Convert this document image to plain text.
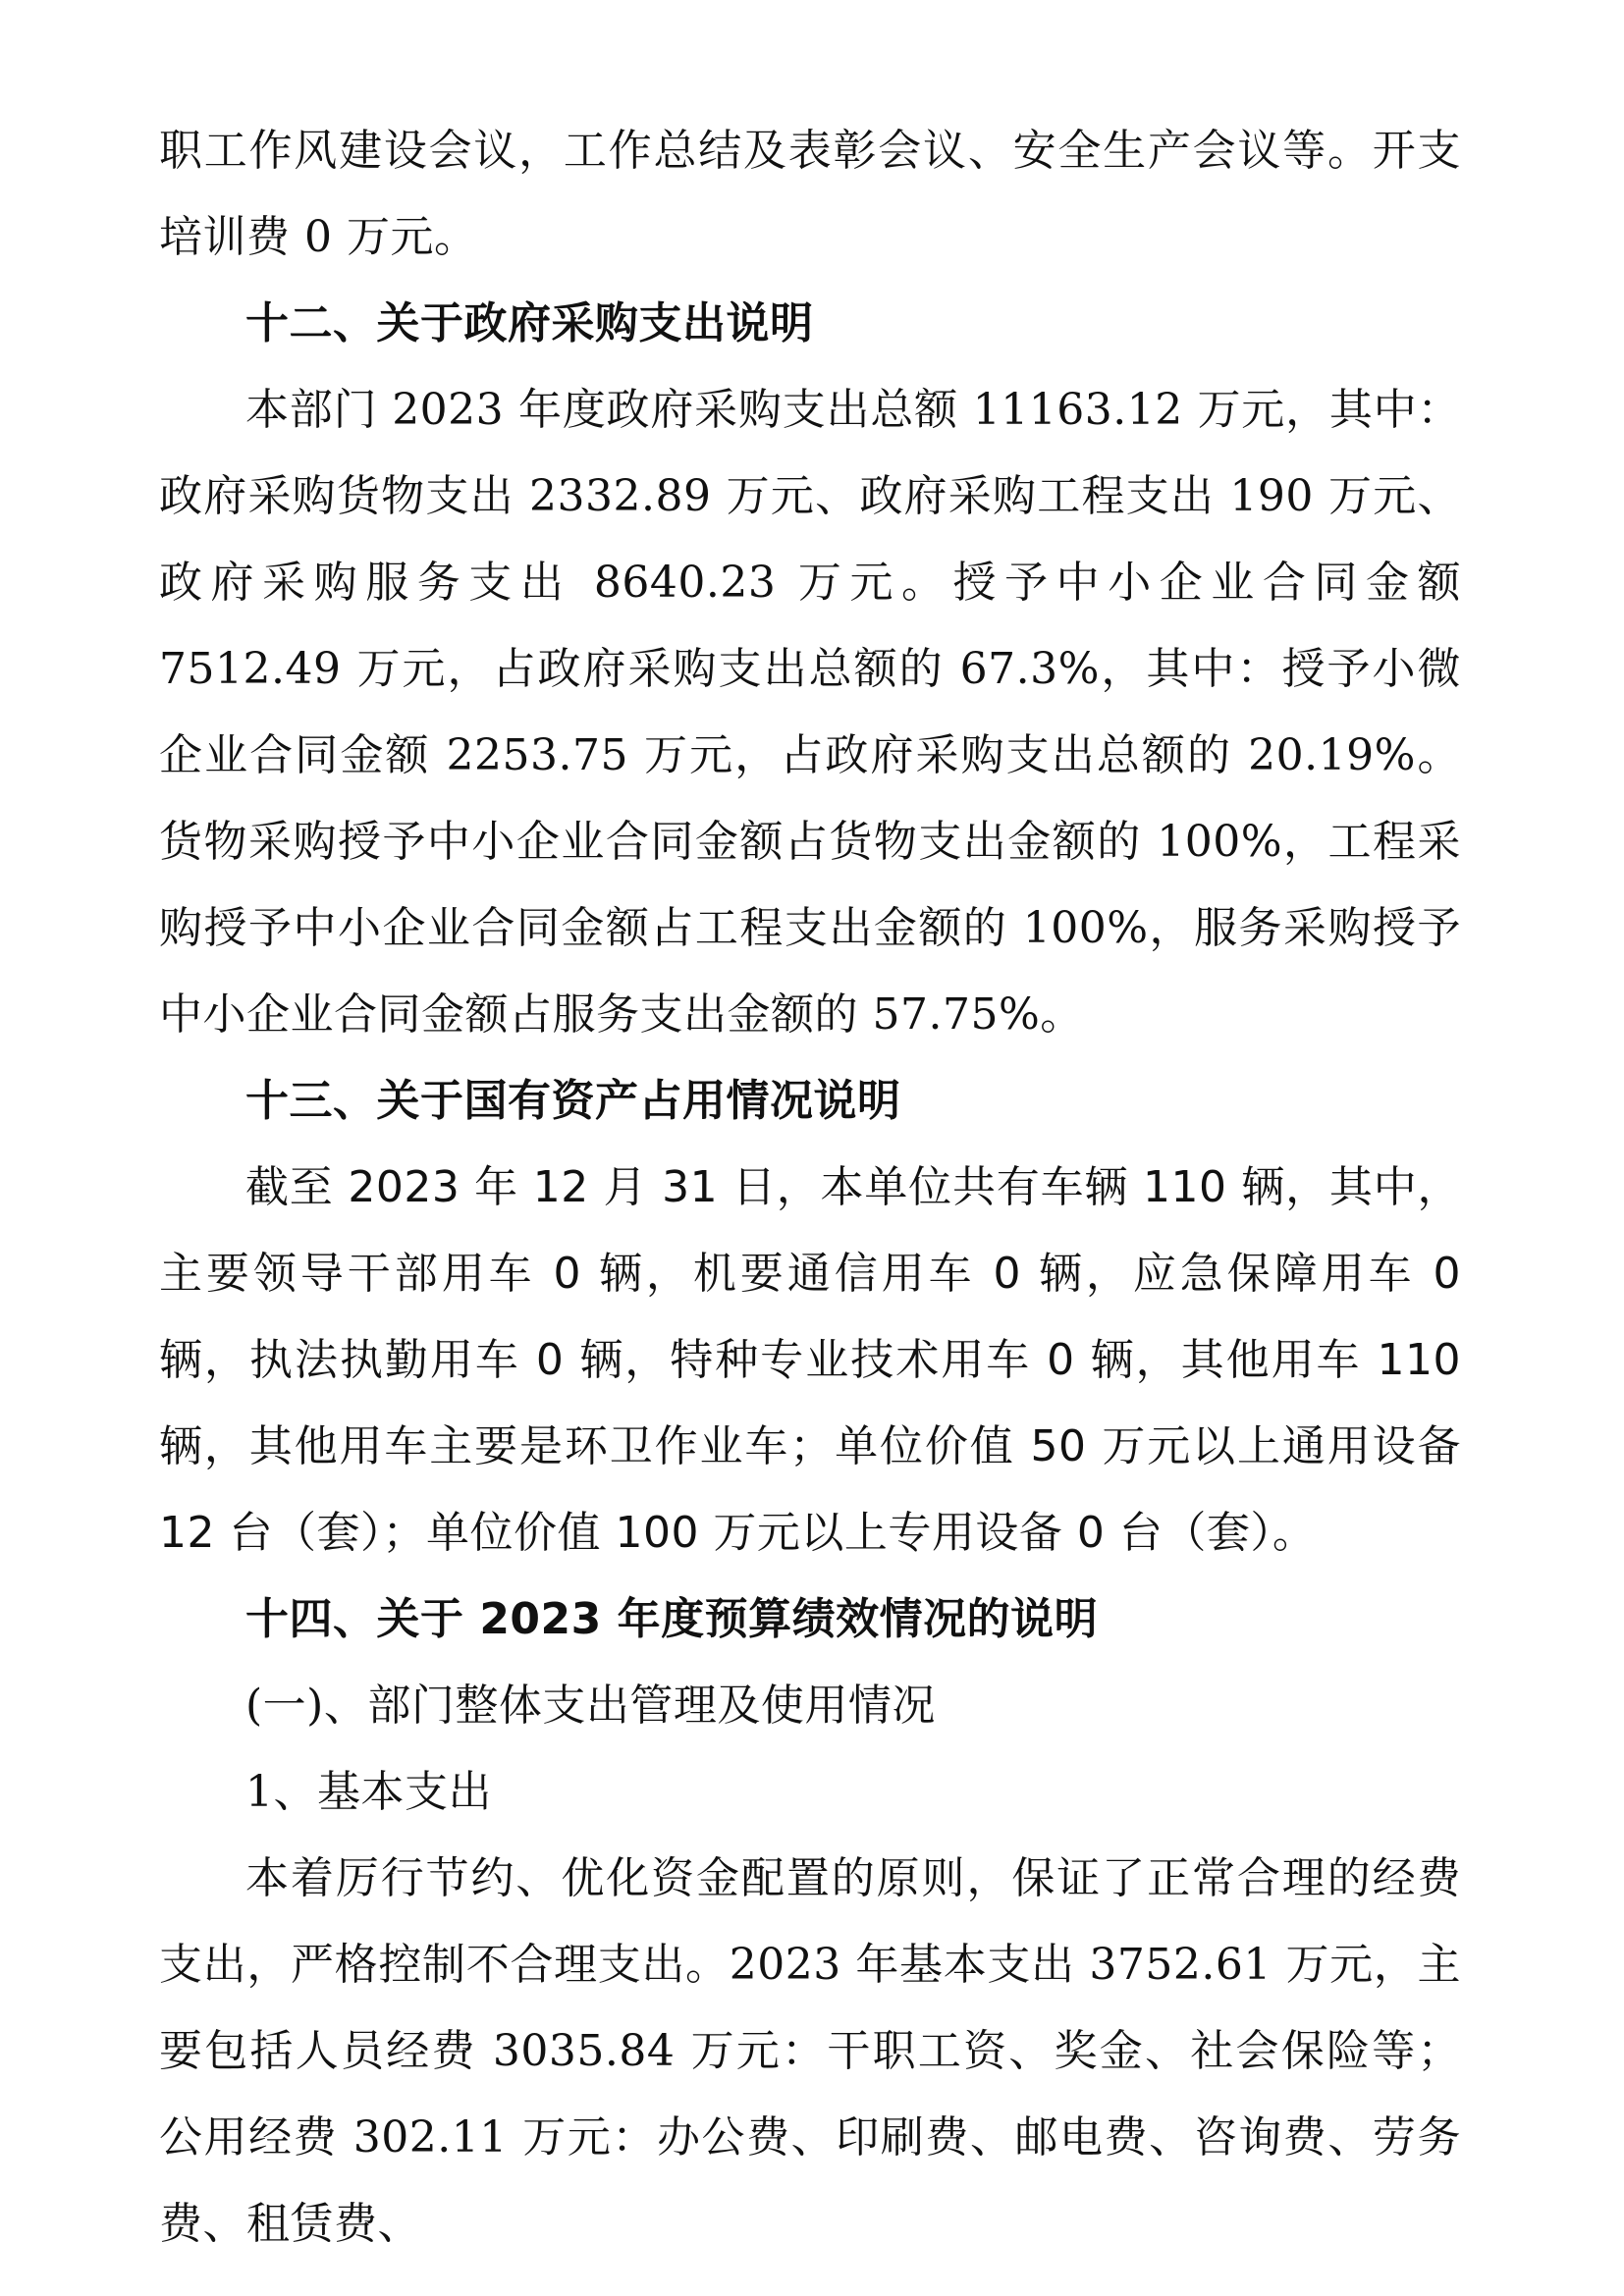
职工作风建设会议，工作总结及表彰会议、安全生产会议等。开支培训费 0 万元。

十二、关于政府采购支出说明

本部门 2023 年度政府采购支出总额 11163.12 万元，其中：政府采购货物支出 2332.89 万元、政府采购工程支出 190 万元、政府采购服务支出 8640.23 万元。授予中小企业合同金额 7512.49 万元，占政府采购支出总额的 67.3%，其中：授予小微企业合同金额 2253.75 万元，占政府采购支出总额的 20.19%。货物采购授予中小企业合同金额占货物支出金额的 100%，工程采购授予中小企业合同金额占工程支出金额的 100%，服务采购授予中小企业合同金额占服务支出金额的 57.75%。

十三、关于国有资产占用情况说明

截至 2023 年 12 月 31 日，本单位共有车辆 110 辆，其中，主要领导干部用车 0 辆，机要通信用车 0 辆，应急保障用车 0 辆，执法执勤用车 0 辆，特种专业技术用车 0 辆，其他用车 110 辆，其他用车主要是环卫作业车；单位价值 50 万元以上通用设备 12 台（套）；单位价值 100 万元以上专用设备 0 台（套）。

十四、关于 2023 年度预算绩效情况的说明

(一)、部门整体支出管理及使用情况

1、基本支出

本着厉行节约、优化资金配置的原则，保证了正常合理的经费支出，严格控制不合理支出。2023 年基本支出 3752.61 万元，主要包括人员经费 3035.84 万元：干职工资、奖金、社会保险等；公用经费 302.11 万元：办公费、印刷费、邮电费、咨询费、劳务费、租赁费、
